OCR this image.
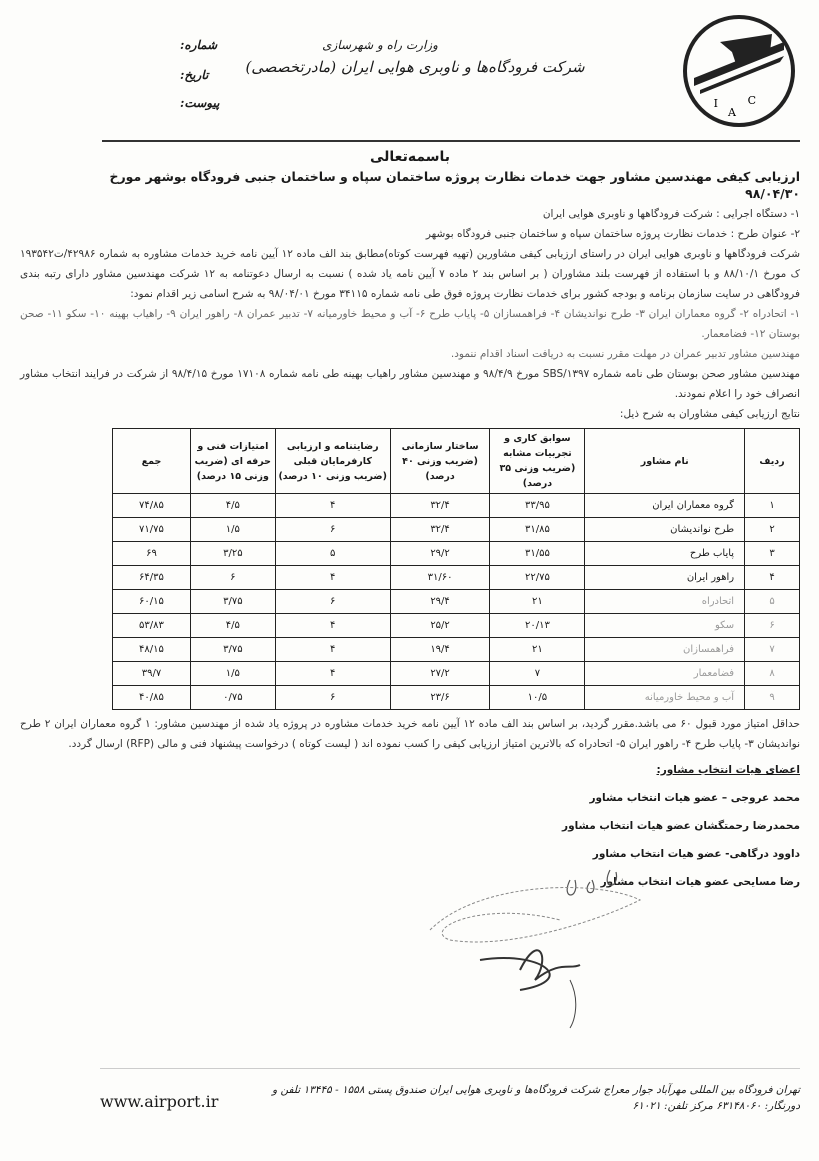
I
A
C
وزارت راه و شهرسازی
شرکت فرودگاه‌ها و ناوبری هوایی ایران (مادرتخصصی)
شماره:
تاریخ:
پیوست:
باسمه‌تعالی
ارزیابی کیفی مهندسین مشاور جهت خدمات نظارت پروژه ساختمان سپاه و ساختمان جنبی فرودگاه بوشهر مورخ ۹۸/۰۴/۳۰
۱- دستگاه اجرایی : شرکت فرودگاهها و ناوبری هوایی ایران
۲- عنوان طرح : خدمات نظارت پروژه ساختمان سپاه و ساختمان جنبی فرودگاه بوشهر
شرکت فرودگاهها و ناوبری هوایی ایران در راستای ارزیابی کیفی مشاورین (تهیه فهرست کوتاه)مطابق بند الف ماده ۱۲ آیین نامه خرید خدمات مشاوره به شماره ۴۲۹۸۶/ت۱۹۳۵۴۲ ک مورخ ۸۸/۱۰/۱ و با استفاده از فهرست بلند مشاوران ( بر اساس بند ۲ ماده ۷ آیین نامه یاد شده ) نسبت به ارسال دعوتنامه به ۱۲ شرکت مهندسین مشاور دارای رتبه بندی فرودگاهی در سایت سازمان برنامه و بودجه کشور برای خدمات نظارت پروژه فوق طی نامه شماره ۳۴۱۱۵ مورخ ۹۸/۰۴/۰۱ به شرح اسامی زیر اقدام نمود:
۱- اتحادراه ۲- گروه معماران ایران ۳- طرح نواندیشان ۴- فراهمسازان ۵- پایاب طرح ۶- آب و محیط خاورمیانه ۷- تدبیر عمران ۸- راهور ایران ۹- راهیاب بهینه ۱۰- سکو ۱۱- صحن بوستان ۱۲- فضامعمار.
مهندسین مشاور تدبیر عمران در مهلت مقرر نسبت به دریافت اسناد اقدام ننمود.
مهندسین مشاور صحن بوستان طی نامه شماره SBS/۱۳۹۷ مورخ ۹۸/۴/۹ و مهندسین مشاور راهیاب بهینه طی نامه شماره ۱۷۱۰۸ مورخ ۹۸/۴/۱۵ از شرکت در فرایند انتخاب مشاور انصراف خود را اعلام نمودند.
نتایج ارزیابی کیفی مشاوران به شرح ذیل:
ردیف	نام مشاور	سوابق کاری و تجربیات مشابه (ضریب وزنی ۳۵ درصد)	ساختار سازمانی (ضریب وزنی ۴۰ درصد)	رضایتنامه و ارزیابی کارفرمایان قبلی (ضریب وزنی ۱۰ درصد)	امتیازات فنی و حرفه ای (ضریب وزنی ۱۵ درصد)	جمع
۱	گروه معماران ایران	۳۳/۹۵	۳۲/۴	۴	۴/۵	۷۴/۸۵
۲	طرح نواندیشان	۳۱/۸۵	۳۲/۴	۶	۱/۵	۷۱/۷۵
۳	پایاب طرح	۳۱/۵۵	۲۹/۲	۵	۳/۲۵	۶۹
۴	راهور ایران	۲۲/۷۵	۳۱/۶۰	۴	۶	۶۴/۳۵
۵	اتحادراه	۲۱	۲۹/۴	۶	۳/۷۵	۶۰/۱۵
۶	سکو	۲۰/۱۳	۲۵/۲	۴	۴/۵	۵۳/۸۳
۷	فراهمسازان	۲۱	۱۹/۴	۴	۳/۷۵	۴۸/۱۵
۸	فضامعمار	۷	۲۷/۲	۴	۱/۵	۳۹/۷
۹	آب و محیط خاورمیانه	۱۰/۵	۲۳/۶	۶	۰/۷۵	۴۰/۸۵
حداقل امتیاز مورد قبول ۶۰ می باشد.مقرر گردید، بر اساس بند الف ماده ۱۲ آیین نامه خرید خدمات مشاوره در پروژه یاد شده از مهندسین مشاور: ۱ گروه معماران ایران ۲ طرح نواندیشان ۳- پایاب طرح ۴- راهور ایران ۵- اتحادراه که بالاترین امتیاز ارزیابی کیفی را کسب نموده اند ( لیست کوتاه ) درخواست پیشنهاد فنی و مالی (RFP) ارسال گردد.
اعضای هیات انتخاب مشاور:
محمد عروجی – عضو هیات انتخاب مشاور
محمدرضا رحمتگشان عضو هیات انتخاب مشاور
داوود درگاهی- عضو هیات انتخاب مشاور
رضا مسایحی عضو هیات انتخاب مشاور
تهران فرودگاه بین المللی مهرآباد جوار معراج شرکت فرودگاه‌ها و ناوبری هوایی ایران صندوق پستی ۱۵۵۸ - ۱۳۴۴۵ تلفن و دورنگار: ۶۳۱۴۸۰۶۰ مرکز تلفن: ۶۱۰۲۱
www.airport.ir
